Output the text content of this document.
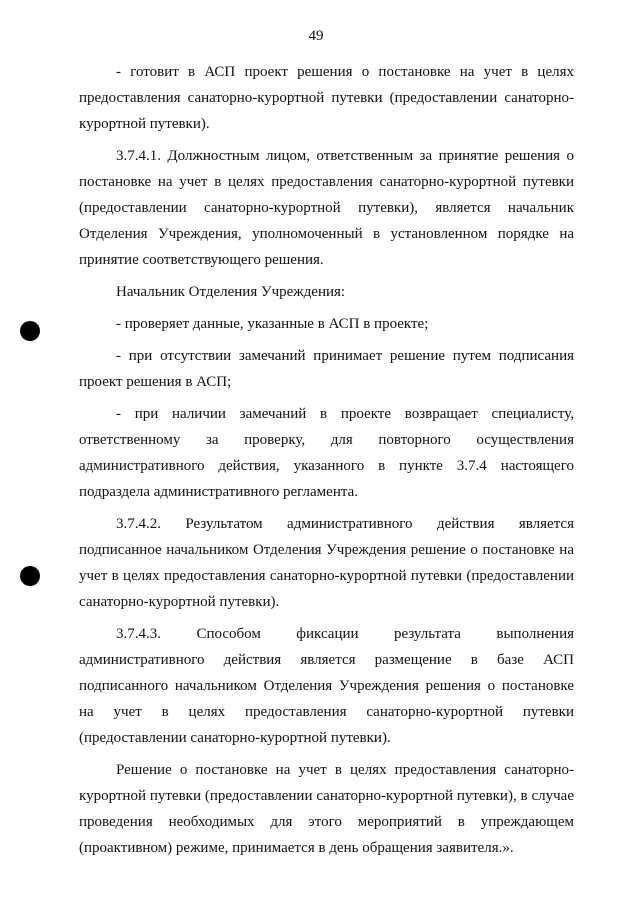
49

- готовит в АСП проект решения о постановке на учет в целях предоставления санаторно-курортной путевки (предоставлении санаторно-курортной путевки).

3.7.4.1. Должностным лицом, ответственным за принятие решения о постановке на учет в целях предоставления санаторно-курортной путевки (предоставлении санаторно-курортной путевки), является начальник Отделения Учреждения, уполномоченный в установленном порядке на принятие соответствующего решения.

Начальник Отделения Учреждения:

- проверяет данные, указанные в АСП в проекте;

- при отсутствии замечаний принимает решение путем подписания проект решения в АСП;

- при наличии замечаний в проекте возвращает специалисту, ответственному за проверку, для повторного осуществления административного действия, указанного в пункте 3.7.4 настоящего подраздела административного регламента.

3.7.4.2. Результатом административного действия является подписанное начальником Отделения Учреждения решение о постановке на учет в целях предоставления санаторно-курортной путевки (предоставлении санаторно-курортной путевки).

3.7.4.3. Способом фиксации результата выполнения административного действия является размещение в базе АСП подписанного начальником Отделения Учреждения решения о постановке на учет в целях предоставления санаторно-курортной путевки (предоставлении санаторно-курортной путевки).

Решение о постановке на учет в целях предоставления санаторно-курортной путевки (предоставлении санаторно-курортной путевки), в случае проведения необходимых для этого мероприятий в упреждающем (проактивном) режиме, принимается в день обращения заявителя.».
